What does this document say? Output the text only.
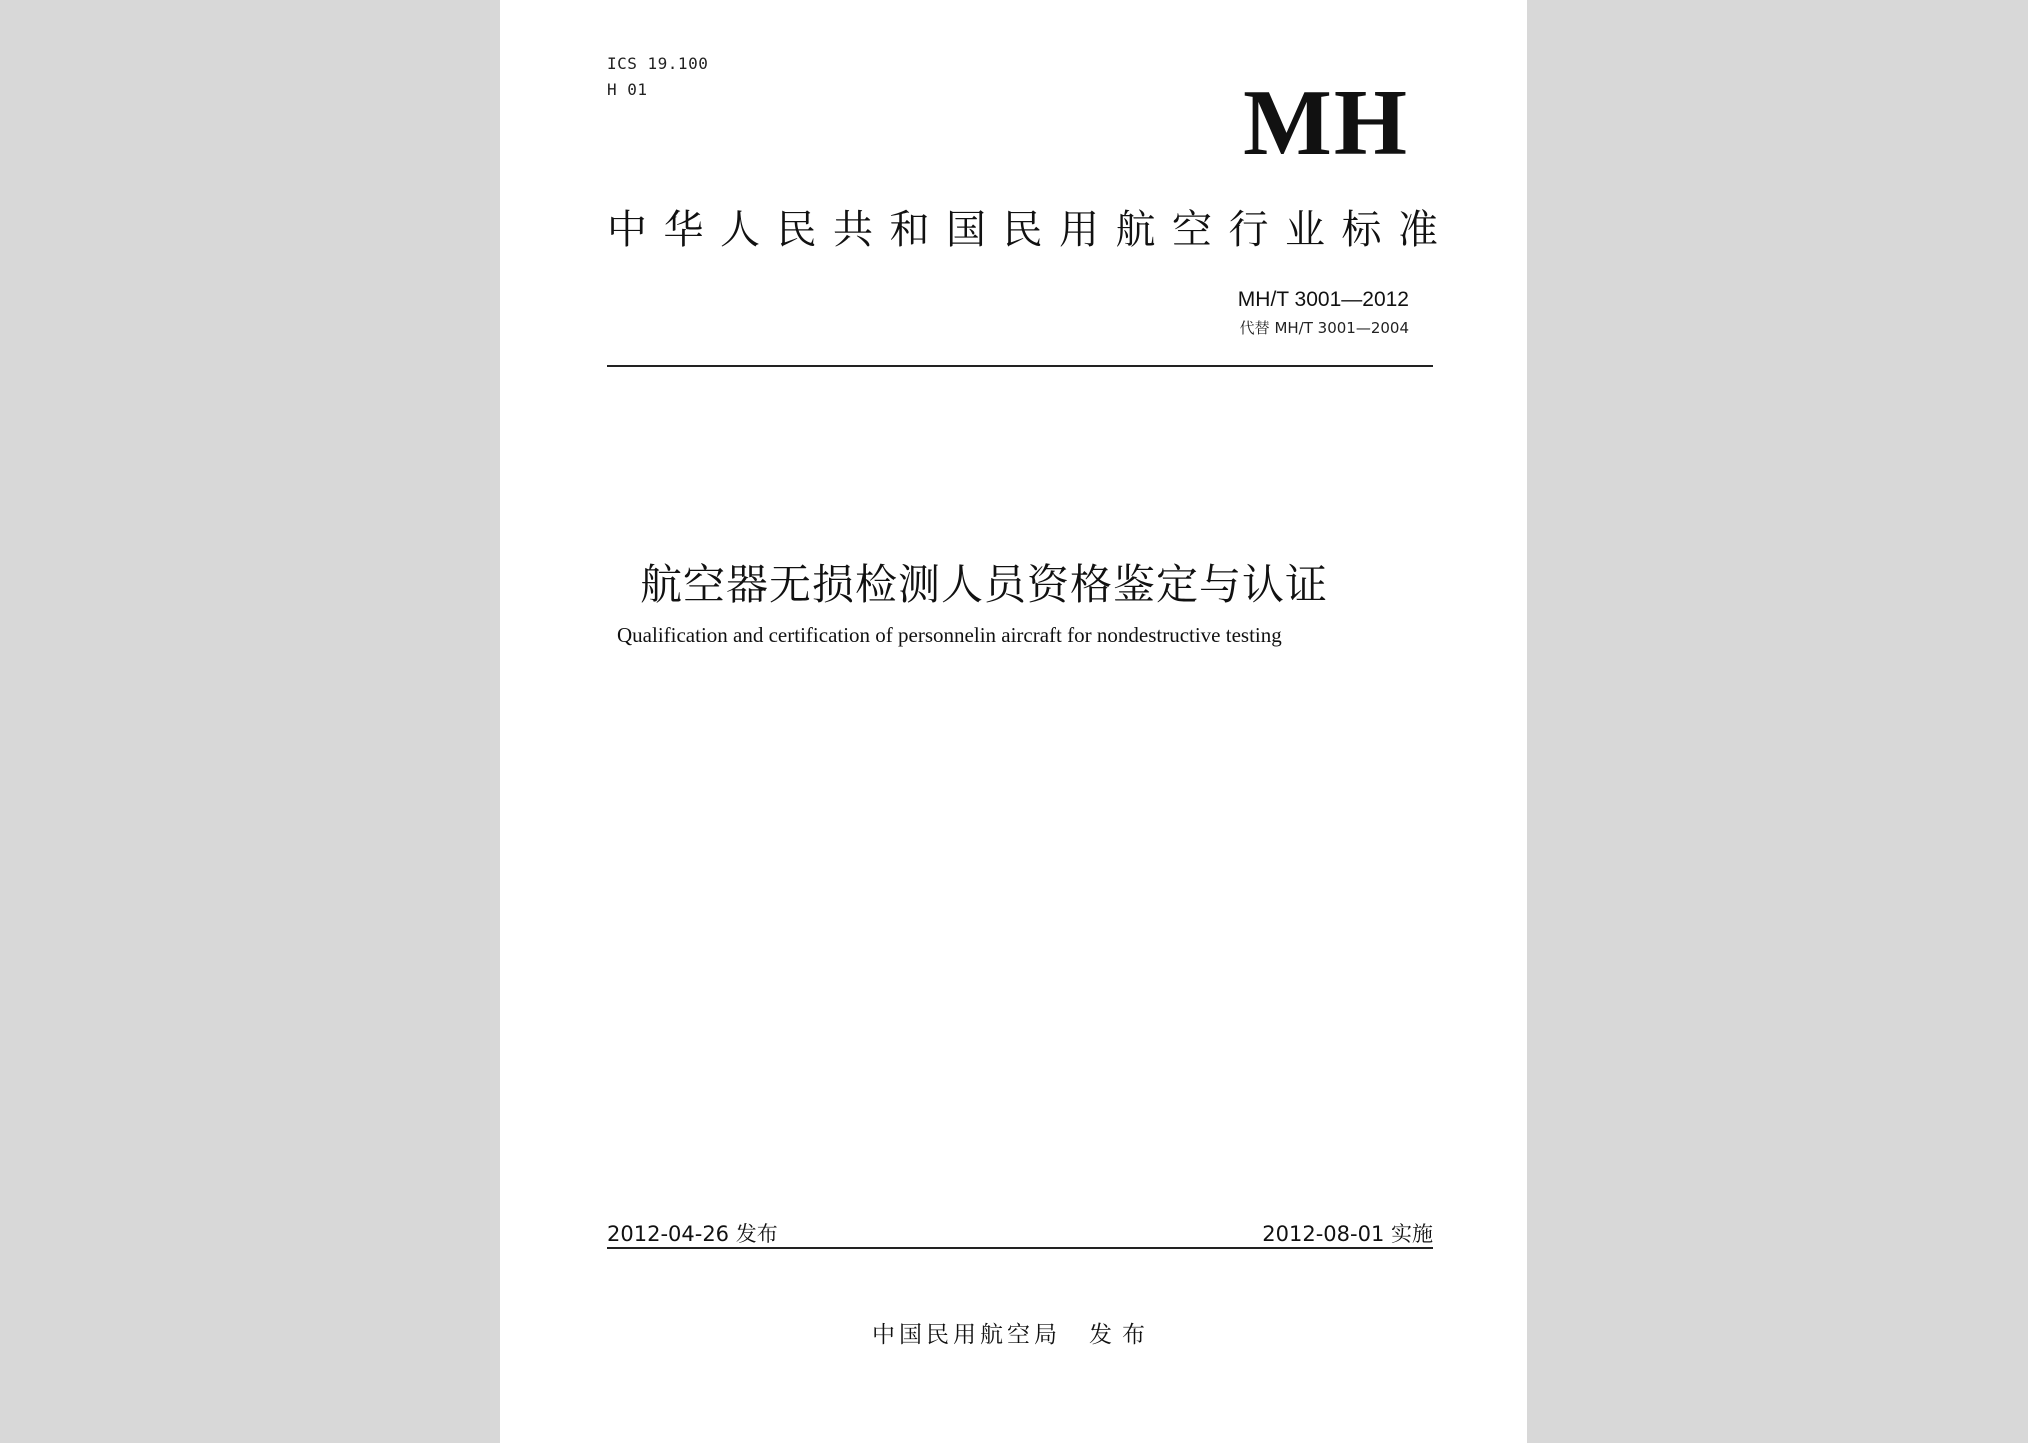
ICS 19.100
H 01	MH
中华人民共和国民用航空行业标准
MH/T 3001—2012
代替 MH/T 3001—2004
航空器无损检测人员资格鉴定与认证
Qualification and certification of personnelin aircraft for nondestructive testing
2012-04-26 发布	2012-08-01 实施
中国民用航空局 发布
